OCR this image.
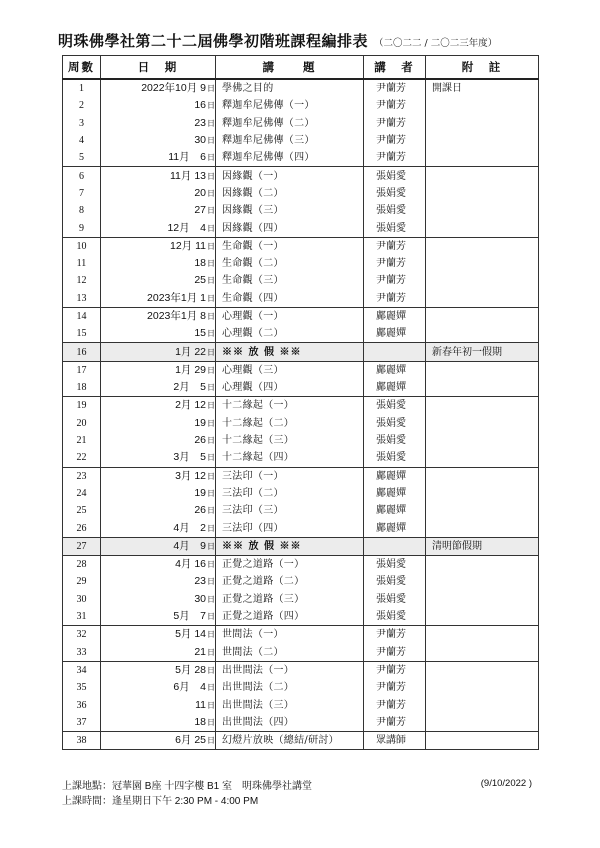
明珠佛學社第二十二屆佛學初階班課程編排表 （二〇二二 / 二〇二三年度）
周數	日　期	講　　題	講　者	附　註
1	2022年10月 9日	學佛之目的	尹蘭芳	開課日
2	16日	釋迦牟尼佛傳（一）	尹蘭芳	
3	23日	釋迦牟尼佛傳（二）	尹蘭芳	
4	30日	釋迦牟尼佛傳（三）	尹蘭芳	
5	11月　6日	釋迦牟尼佛傳（四）	尹蘭芳	
6	11月 13日	因緣觀（一）	張娟愛	
7	20日	因緣觀（二）	張娟愛	
8	27日	因緣觀（三）	張娟愛	
9	12月　4日	因緣觀（四）	張娟愛	
10	12月 11日	生命觀（一）	尹蘭芳	
11	18日	生命觀（二）	尹蘭芳	
12	25日	生命觀（三）	尹蘭芳	
13	2023年1月 1日	生命觀（四）	尹蘭芳	
14	2023年1月 8日	心理觀（一）	鄺麗嬋	
15	15日	心理觀（二）	鄺麗嬋	
16	1月 22日	※※ 放 假 ※※		新春年初一假期
17	1月 29日	心理觀（三）	鄺麗嬋	
18	2月　5日	心理觀（四）	鄺麗嬋	
19	2月 12日	十二緣起（一）	張娟愛	
20	19日	十二緣起（二）	張娟愛	
21	26日	十二緣起（三）	張娟愛	
22	3月　5日	十二緣起（四）	張娟愛	
23	3月 12日	三法印（一）	鄺麗嬋	
24	19日	三法印（二）	鄺麗嬋	
25	26日	三法印（三）	鄺麗嬋	
26	4月　2日	三法印（四）	鄺麗嬋	
27	4月　9日	※※ 放 假 ※※		清明節假期
28	4月 16日	正覺之道路（一）	張娟愛	
29	23日	正覺之道路（二）	張娟愛	
30	30日	正覺之道路（三）	張娟愛	
31	5月　7日	正覺之道路（四）	張娟愛	
32	5月 14日	世間法（一）	尹蘭芳	
33	21日	世間法（二）	尹蘭芳	
34	5月 28日	出世間法（一）	尹蘭芳	
35	6月　4日	出世間法（二）	尹蘭芳	
36	11日	出世間法（三）	尹蘭芳	
37	18日	出世間法（四）	尹蘭芳	
38	6月 25日	幻燈片放映（總結/研討）	眾講師	
上課地點：冠華園 B座 十四字樓 B1 室　明珠佛學社講堂
上課時間：逢星期日下午 2:30 PM - 4:00 PM
(9/10/2022 )
